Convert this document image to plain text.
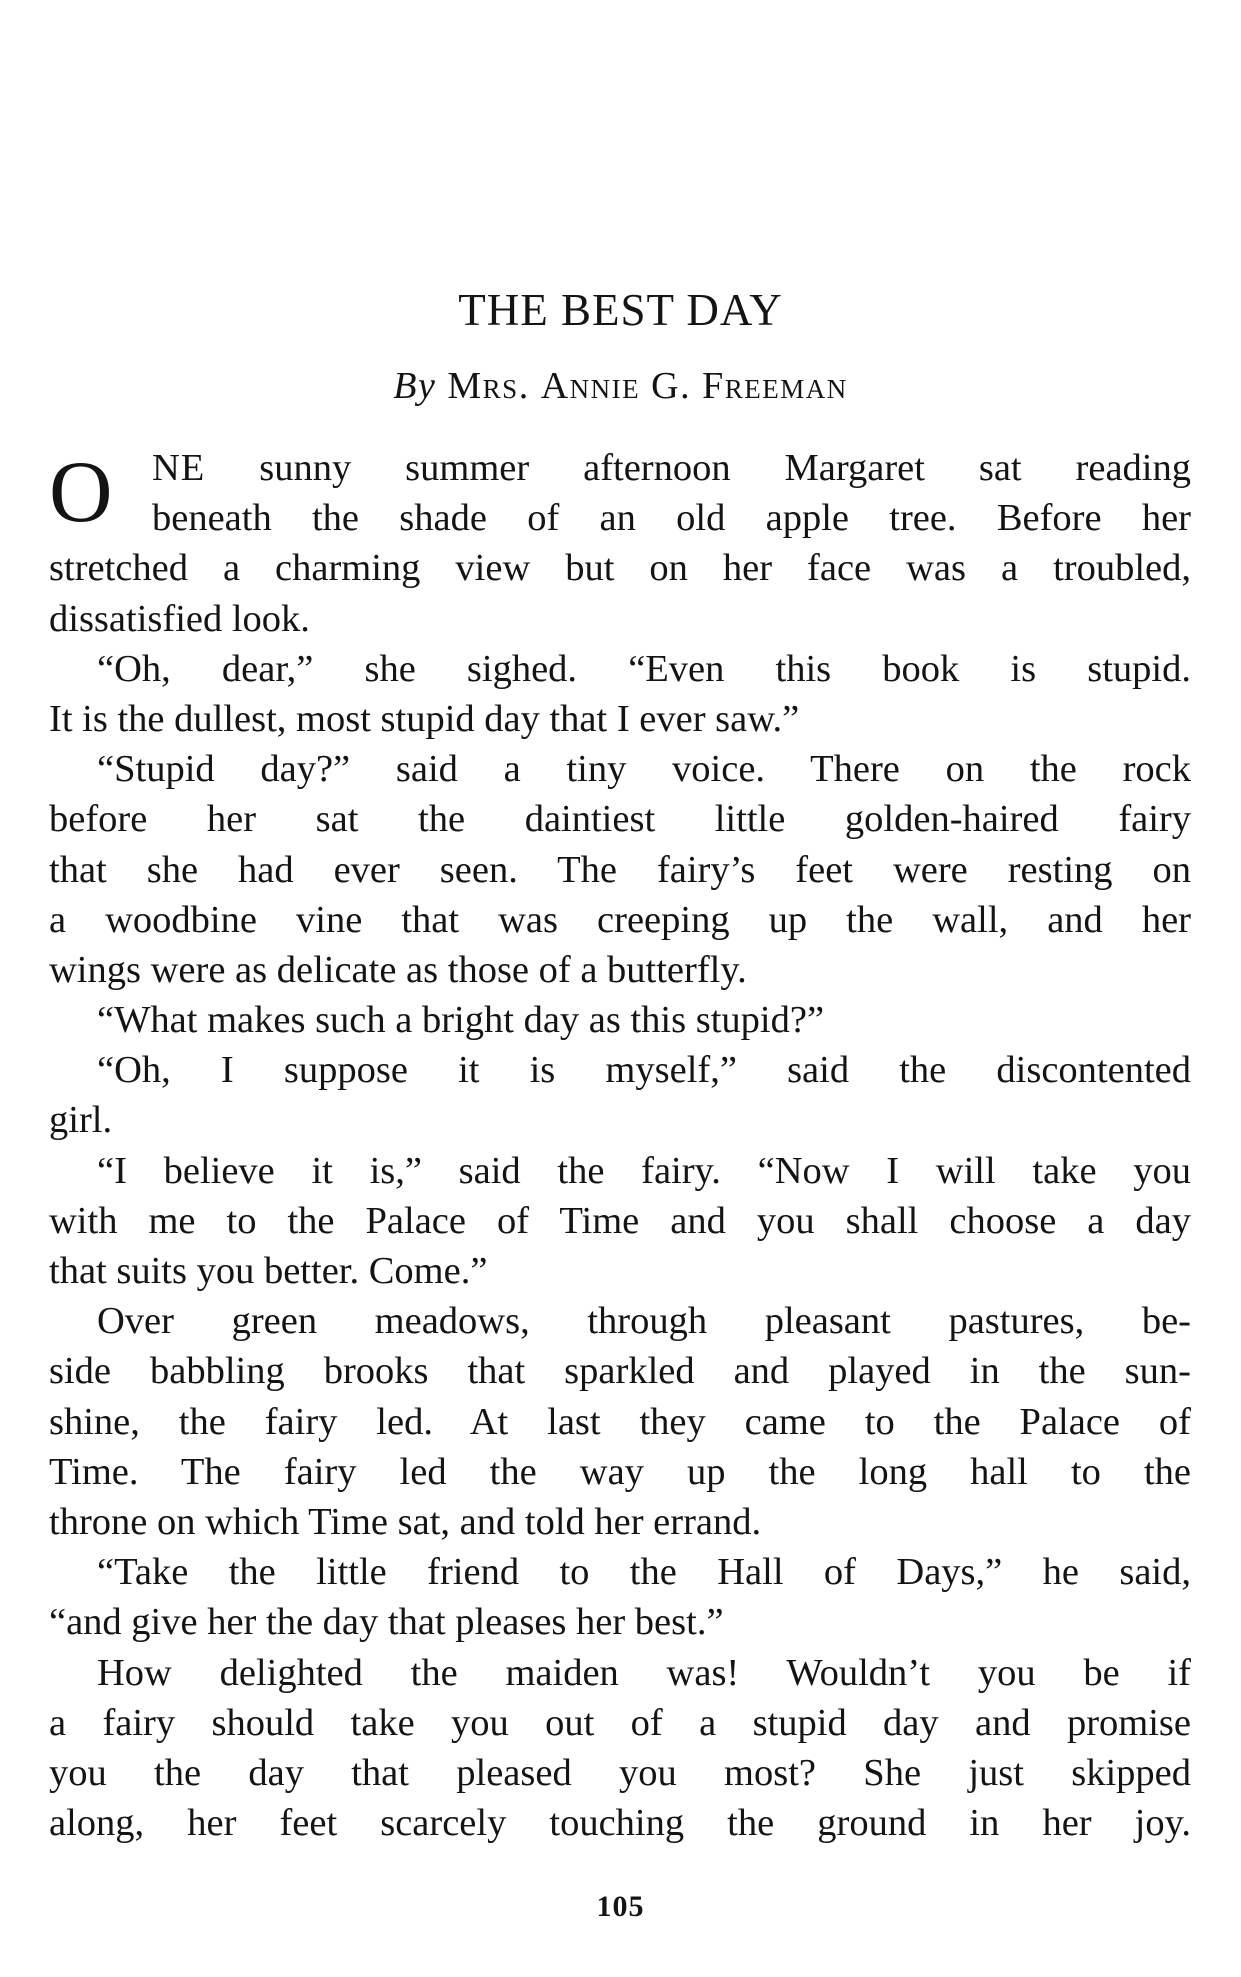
THE BEST DAY
By Mrs. Annie G. Freeman
O	NE sunny summer afternoon Margaret sat reading
beneath the shade of an old apple tree. Before her
stretched a charming view but on her face was a troubled,
dissatisfied look.
“Oh, dear,” she sighed. “Even this book is stupid.
It is the dullest, most stupid day that I ever saw.”
“Stupid day?” said a tiny voice. There on the rock
before her sat the daintiest little golden-haired fairy
that she had ever seen. The fairy’s feet were resting on
a woodbine vine that was creeping up the wall, and her
wings were as delicate as those of a butterfly.
“What makes such a bright day as this stupid?”
“Oh, I suppose it is myself,” said the discontented
girl.
“I believe it is,” said the fairy. “Now I will take you
with me to the Palace of Time and you shall choose a day
that suits you better. Come.”
Over green meadows, through pleasant pastures, be-
side babbling brooks that sparkled and played in the sun-
shine, the fairy led. At last they came to the Palace of
Time. The fairy led the way up the long hall to the
throne on which Time sat, and told her errand.
“Take the little friend to the Hall of Days,” he said,
“and give her the day that pleases her best.”
How delighted the maiden was! Wouldn’t you be if
a fairy should take you out of a stupid day and promise
you the day that pleased you most? She just skipped
along, her feet scarcely touching the ground in her joy.
105
